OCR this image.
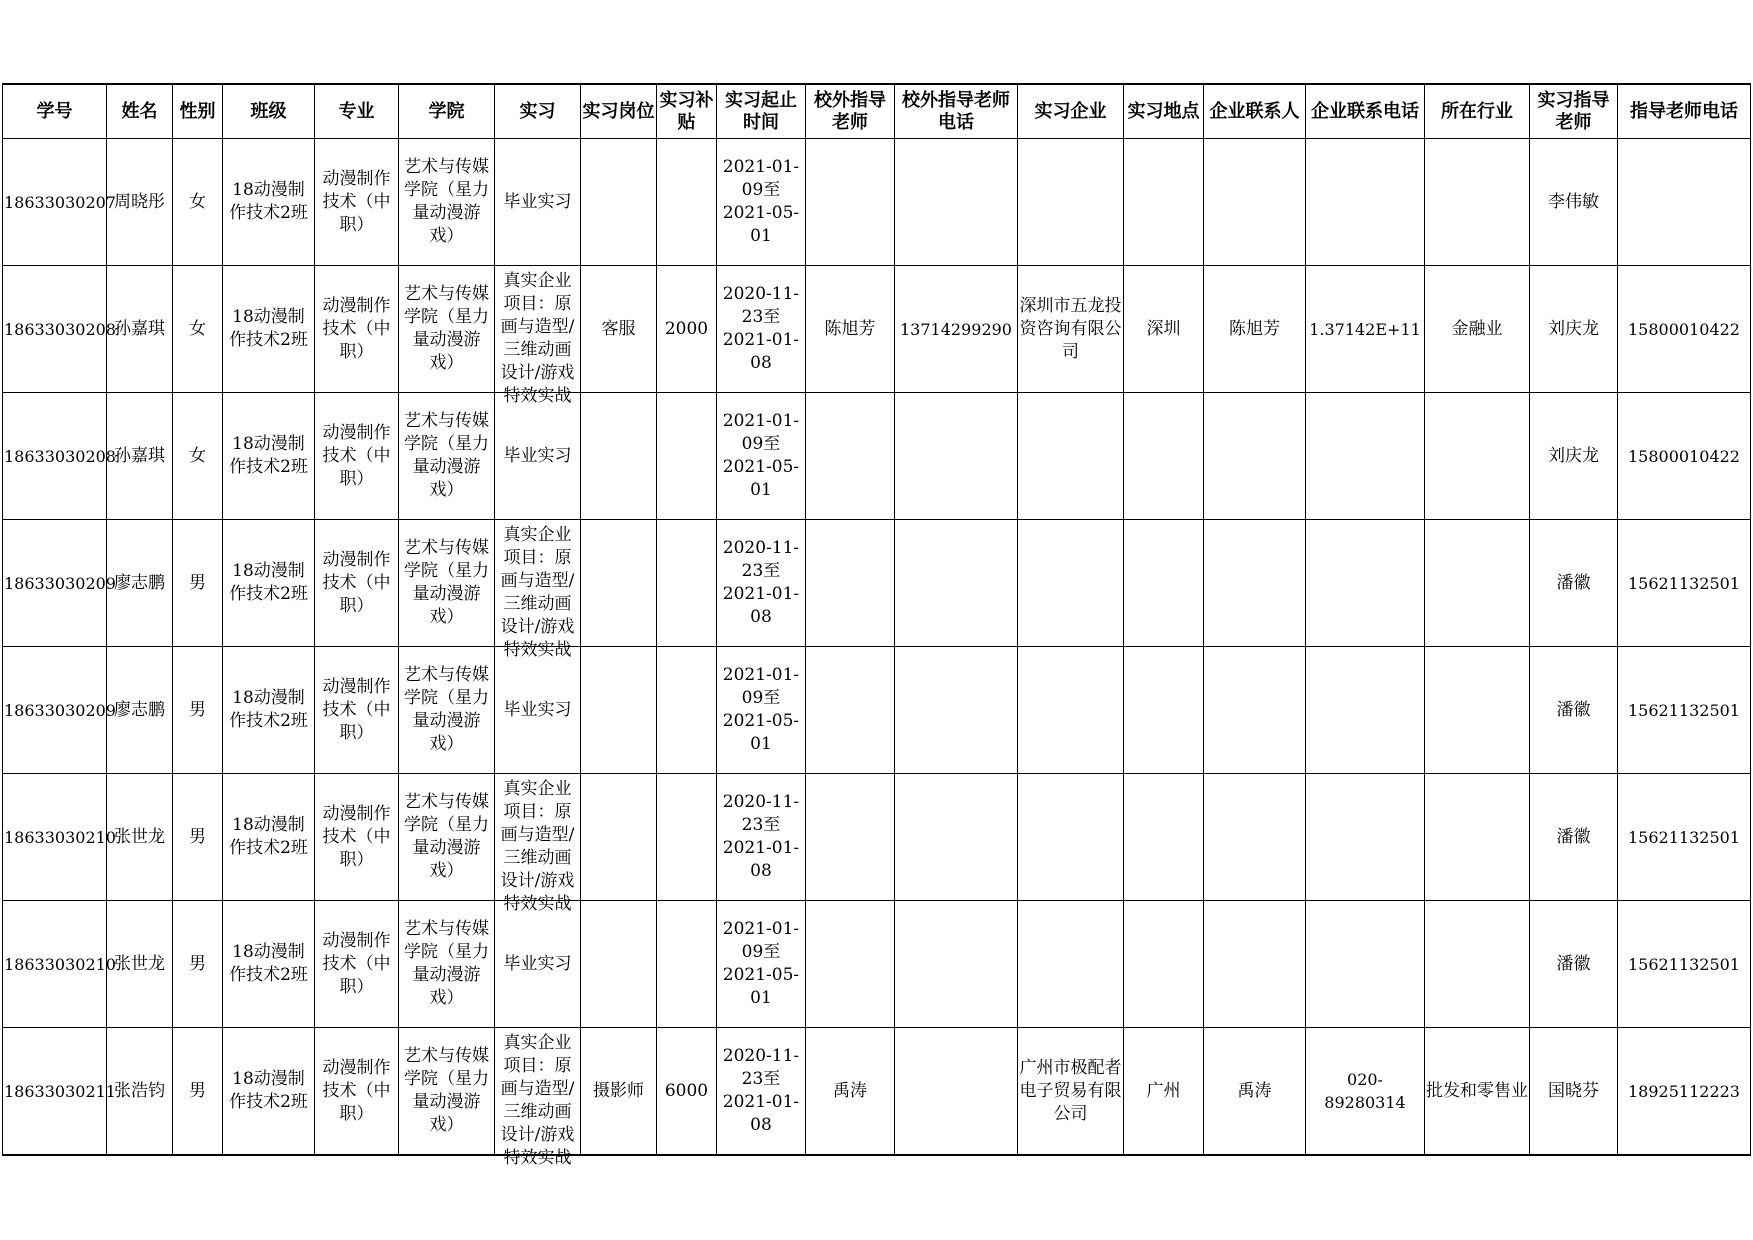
学号	姓名	性别	班级	专业	学院	实习	实习岗位	实习补贴	实习起止时间	校外指导老师	校外指导老师电话	实习企业	实习地点	企业联系人	企业联系电话	所在行业	实习指导老师	指导老师电话
18633030207	周晓彤	女	18动漫制作技术2班	动漫制作技术（中职）	艺术与传媒学院（星力量动漫游戏）	毕业实习			2021-01-09至2021-05-01								李伟敏	
18633030208	孙嘉琪	女	18动漫制作技术2班	动漫制作技术（中职）	艺术与传媒学院（星力量动漫游戏）	真实企业项目：原画与造型/三维动画设计/游戏特效实战	客服	2000	2020-11-23至2021-01-08	陈旭芳	13714299290	深圳市五龙投资咨询有限公司	深圳	陈旭芳	1.37142E+11	金融业	刘庆龙	15800010422
18633030208	孙嘉琪	女	18动漫制作技术2班	动漫制作技术（中职）	艺术与传媒学院（星力量动漫游戏）	毕业实习			2021-01-09至2021-05-01								刘庆龙	15800010422
18633030209	廖志鹏	男	18动漫制作技术2班	动漫制作技术（中职）	艺术与传媒学院（星力量动漫游戏）	真实企业项目：原画与造型/三维动画设计/游戏特效实战			2020-11-23至2021-01-08								潘徽	15621132501
18633030209	廖志鹏	男	18动漫制作技术2班	动漫制作技术（中职）	艺术与传媒学院（星力量动漫游戏）	毕业实习			2021-01-09至2021-05-01								潘徽	15621132501
18633030210	张世龙	男	18动漫制作技术2班	动漫制作技术（中职）	艺术与传媒学院（星力量动漫游戏）	真实企业项目：原画与造型/三维动画设计/游戏特效实战			2020-11-23至2021-01-08								潘徽	15621132501
18633030210	张世龙	男	18动漫制作技术2班	动漫制作技术（中职）	艺术与传媒学院（星力量动漫游戏）	毕业实习			2021-01-09至2021-05-01								潘徽	15621132501
18633030211	张浩钧	男	18动漫制作技术2班	动漫制作技术（中职）	艺术与传媒学院（星力量动漫游戏）	真实企业项目：原画与造型/三维动画设计/游戏特效实战	摄影师	6000	2020-11-23至2021-01-08	禹涛		广州市极配者电子贸易有限公司	广州	禹涛	020-89280314	批发和零售业	国晓芬	18925112223
